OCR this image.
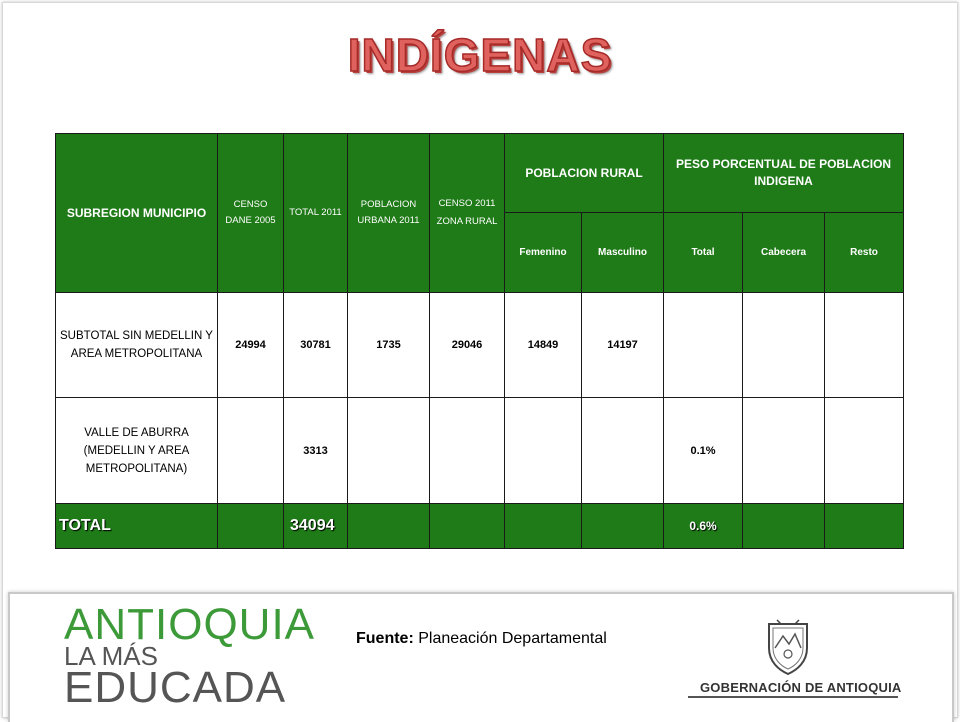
INDÍGENAS
SUBREGION MUNICIPIO	CENSO DANE 2005	TOTAL 2011	POBLACION URBANA 2011	CENSO 2011 ZONA RURAL	POBLACION RURAL		PESO PORCENTUAL DE POBLACION INDIGENA		
					Femenino	Masculino	Total	Cabecera	Resto
SUBTOTAL SIN MEDELLIN Y AREA METROPOLITANA	24994	30781	1735	29046	14849	14197			
VALLE DE ABURRA (MEDELLIN Y AREA METROPOLITANA)		3313					0.1%		
TOTAL		34094					0.6%		
ANTIOQUIA
LA MÁS
EDUCADA
Fuente: Planeación Departamental
GOBERNACIÓN DE ANTIOQUIA
